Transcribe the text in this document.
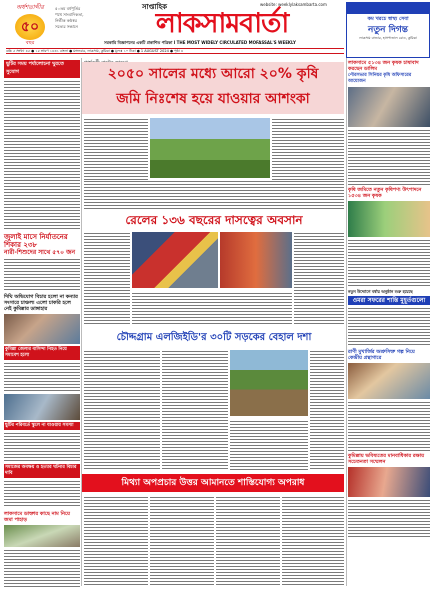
অর্ধশতাব্দীর
৫০
বছর
৫০তম বর্ষপূর্তির
পথে সাংবাদিকতা,
নির্ভীক কণ্ঠস্বর
সত্যের সন্ধানে
সাপ্তাহিক	website: weeklylaksambarta.com
লাকসামবার্তা
সরকারি বিজ্ঞাপনের একটি প্রকাশিত পত্রিকা I THE MOST WIDELY CIRCULATED MOFASSAL'S WEEKLY
কম খরচে স্বাস্থ্য সেবা
নতুন দিগন্ত
লাকসাম বাজার, হাসপাতাল রোড, কুমিল্লা
বর্ষঃ ৫ সংখ্যা ৪৫ ● ১৫ শ্রাবণ ১৪৩১ বাংলা ● মঙ্গলবার, লাকসাম, কুমিল্লা ● মূল্যঃ ১০ টাকা ● 1 AUGUST 2024 ● পৃষ্ঠা ৪
ছুটির সময় পর্যালোচনা ঘুরতে সুযোগ
জুলাই মাসে নির্যাতনের শিকার ২৩৮
নারী-শিশুদের সাথে ৫৭০ জন
দিঘি অভিযোগ বিচার হলো না কন্যার সংসারে চাঞ্চল্য এলো চাকরি হলে নেই কুমিল্লার ডাঙ্গাহার
কুমিল্লা জেলার বাসিন্দা নিহত নিয়ে সমাবেশ হলো
ছুটির পরিবর্তে স্কুলে না যাওয়ায় সমস্যা
সমাজের অবক্ষয় ও হত্যার ঘটনার বিচার দাবি
লাকসামে ডাক্তার কাছে নাম নিয়ে জমা পাহাড়
২০৫০ সালের মধ্যে আরো ২০% কৃষি
জমি নিঃশেষ হয়ে যাওয়ার আশংকা
রেলের ১৩৬ বছরের দাসত্বের অবসান
চৌদ্দগ্রাম এলজিইডি'র ৩০টি সড়কের বেহাল দশা
মিথ্যা অপপ্রচার উত্তর আমানতে শাস্তিযোগ্য অপরাধ
লাকসামে ৫১৩৪ জন কৃষক চাষাবাদ করছেন ডালিম
পৌরসভার সিনিয়র কৃষি অফিসারের আয়োজন
কৃষি জমিতে নতুন কৃষিপণ্য উৎপাদনে ১৫৩৪ জন কৃষক
নতুন উদ্যোগে বর্ষায় অনুষ্ঠান শুরু হয়েছে
ওমরা সফরের শান্তি মুহূর্তগুলো
রাণী মুখার্জির অশ্রুসিক্ত গল্প নিয়ে কেন্দ্রীয় গ্রন্থাগারে
কুমিল্লায় ভবিষ্যতের মানবাধিকার রক্ষায় সচেতনতা সম্মেলন
